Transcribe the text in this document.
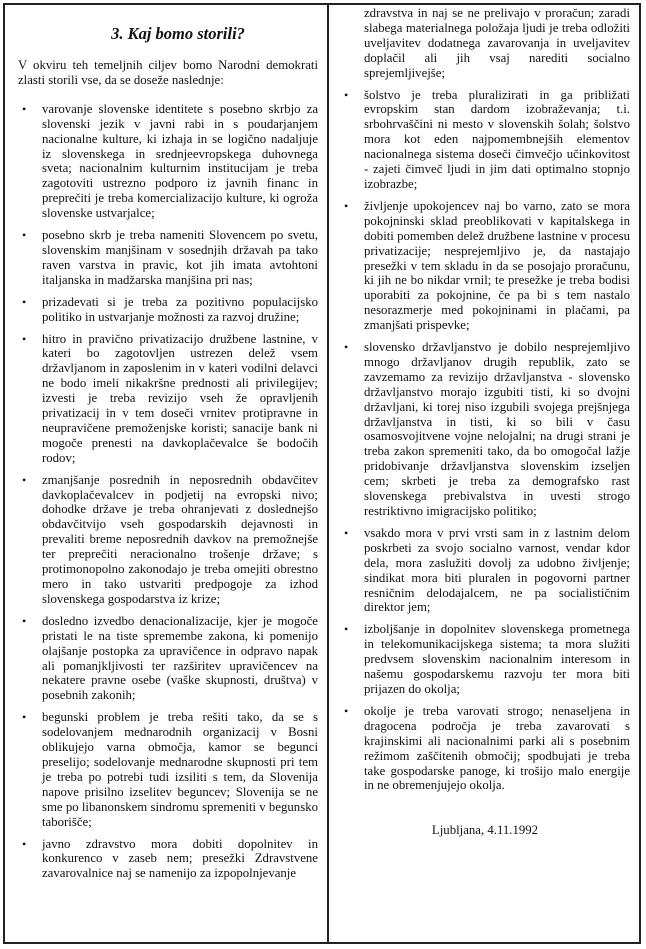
3. Kaj bomo storili?

V okviru teh temeljnih ciljev bomo Narodni demokrati zlasti storili vse, da se doseže naslednje:

• varovanje slovenske identitete s posebno skrbjo za slovenski jezik v javni rabi in s poudarjanjem nacionalne kulture, ki izhaja in se logično nadaljuje iz slovenskega in srednjeevropskega duhovnega sveta; nacionalnim kulturnim institucijam je treba zagotoviti ustrezno podporo iz javnih financ in preprečiti je treba komercializacijo kulture, ki ogroža slovenske ustvarjalce;
• posebno skrb je treba nameniti Slovencem po svetu, slovenskim manjšinam v sosednjih državah pa tako raven varstva in pravic, kot jih imata avtohtoni italjanska in madžarska manjšina pri nas;
• prizadevati si je treba za pozitivno populacijsko politiko in ustvarjanje možnosti za razvoj družine;
• hitro in pravično privatizacijo družbene lastnine, v kateri bo zagotovljen ustrezen delež vsem državljanom in zaposlenim in v kateri vodilni delavci ne bodo imeli nikakršne prednosti ali privilegijev; izvesti je treba revizijo vseh že opravljenih privatizacij in v tem doseči vrnitev protipravne in neupravičene premoženjske koristi; sanacije bank ni mogoče prenesti na davkoplačevalce še bodočih rodov;
• zmanjšanje posrednih in neposrednih obdavčitev davkoplačevalcev in podjetij na evropski nivo; dohodke države je treba ohranjevati z doslednejšo obdavčitvijo vseh gospodarskih dejavnosti in prevaliti breme neposrednih davkov na premožnejše ter preprečiti neracionalno trošenje države; s protimonopolno zakonodajo je treba omejiti obrestno mero in tako ustvariti predpogoje za izhod slovenskega gospodarstva iz krize;
• dosledno izvedbo denacionalizacije, kjer je mogoče pristati le na tiste spremembe zakona, ki pomenijo olajšanje postopka za upravičence in odpravo napak ali pomanjkljivosti ter razširitev upravičencev na nekatere pravne osebe (vaške skupnosti, društva) v posebnih zakonih;
• begunski problem je treba rešiti tako, da se s sodelovanjem mednarodnih organizacij v Bosni oblikujejo varna območja, kamor se begunci preselijo; sodelovanje mednarodne skupnosti pri tem je treba po potrebi tudi izsiliti s tem, da Slovenija napove prisilno izselitev beguncev; Slovenija se ne sme po libanonskem sindromu spremeniti v begunsko taborišče;
• javno zdravstvo mora dobiti dopolnitev in konkurenco v zaseb nem; presežki Zdravstvene zavarovalnice naj se namenijo za izpopolnjevanje
zdravstva in naj se ne prelivajo v proračun; zaradi slabega materialnega položaja ljudi je treba odložiti uveljavitev dodatnega zavarovanja in uveljavitev doplačil ali jih vsaj narediti socialno sprejemljivejše;
• šolstvo je treba pluralizirati in ga približati evropskim stan dardom izobraževanja; t.i. srbohrvaščini ni mesto v slovenskih šolah; šolstvo mora kot eden najpomembnejših elementov nacionalnega sistema doseči čimvečjo učinkovitost - zajeti čimveč ljudi in jim dati optimalno stopnjo izobrazbe;
• življenje upokojencev naj bo varno, zato se mora pokojninski sklad preoblikovati v kapitalskega in dobiti pomemben delež družbene lastnine v procesu privatizacije; nesprejemljivo je, da nastajajo presežki v tem skladu in da se posojajo proračunu, ki jih ne bo nikdar vrnil; te presežke je treba bodisi uporabiti za pokojnine, če pa bi s tem nastalo nesorazmerje med pokojninami in plačami, pa zmanjšati prispevke;
• slovensko državljanstvo je dobilo nesprejemljivo mnogo državljanov drugih republik, zato se zavzemamo za revizijo državljanstva - slovensko državljanstvo morajo izgubiti tisti, ki so dvojni državljani, ki torej niso izgubili svojega prejšnjega državljanstva in tisti, ki so bili v času osamosvojitvene vojne nelojalni; na drugi strani je treba zakon spremeniti tako, da bo omogočal lažje pridobivanje državljanstva slovenskim izseljen cem; skrbeti je treba za demografsko rast slovenskega prebivalstva in uvesti strogo restriktivno imigracijsko politiko;
• vsakdo mora v prvi vrsti sam in z lastnim delom poskrbeti za svojo socialno varnost, vendar kdor dela, mora zaslužiti dovolj za udobno življenje; sindikat mora biti pluralen in pogovorni partner resničnim delodajalcem, ne pa socialističnim direktor jem;
• izboljšanje in dopolnitev slovenskega prometnega in telekomunikacijskega sistema; ta mora služiti predvsem slovenskim nacionalnim interesom in našemu gospodarskemu razvoju ter mora biti prijazen do okolja;
• okolje je treba varovati strogo; nenaseljena in dragocena področja je treba zavarovati s krajinskimi ali nacionalnimi parki ali s posebnim režimom zaščitenih območij; spodbujati je treba take gospodarske panoge, ki trošijo malo energije in ne obremenjujejo okolja.
Ljubljana, 4.11.1992
